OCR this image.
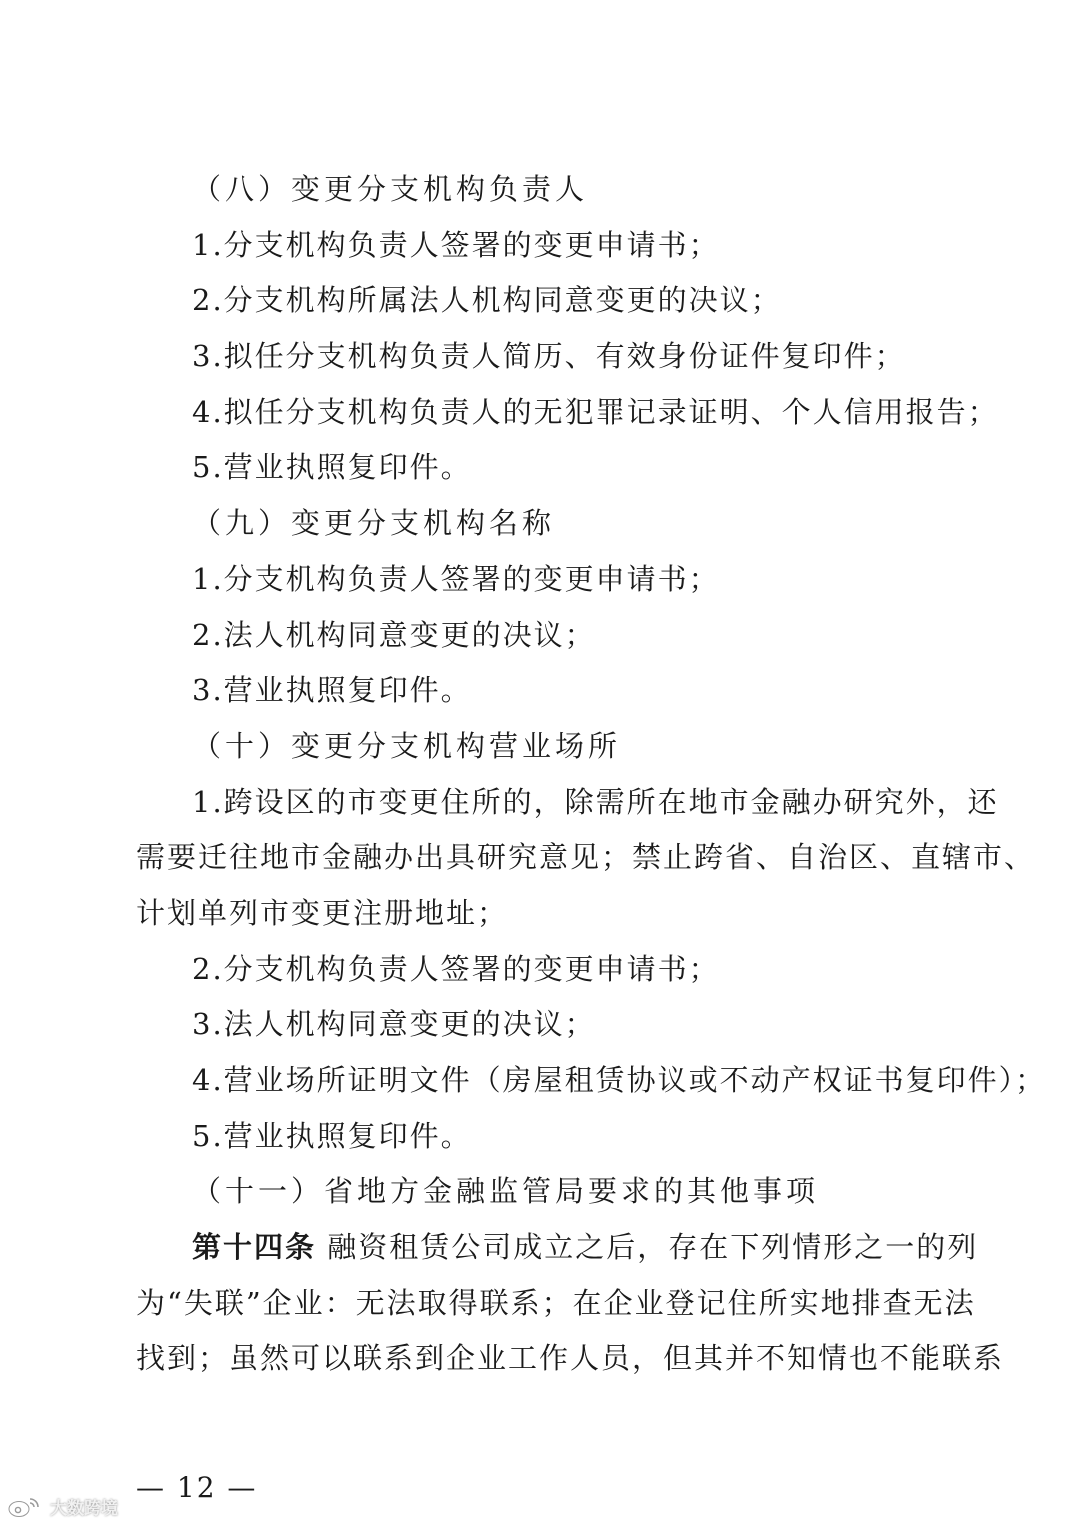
（八）变更分支机构负责人
1.分支机构负责人签署的变更申请书；
2.分支机构所属法人机构同意变更的决议；
3.拟任分支机构负责人简历、有效身份证件复印件；
4.拟任分支机构负责人的无犯罪记录证明、个人信用报告；
5.营业执照复印件。
（九）变更分支机构名称
1.分支机构负责人签署的变更申请书；
2.法人机构同意变更的决议；
3.营业执照复印件。
（十）变更分支机构营业场所
1.跨设区的市变更住所的，除需所在地市金融办研究外，还
需要迁往地市金融办出具研究意见；禁止跨省、自治区、直辖市、
计划单列市变更注册地址；
2.分支机构负责人签署的变更申请书；
3.法人机构同意变更的决议；
4.营业场所证明文件（房屋租赁协议或不动产权证书复印件）；
5.营业执照复印件。
（十一）省地方金融监管局要求的其他事项
第十四条 融资租赁公司成立之后，存在下列情形之一的列
为“失联”企业：无法取得联系；在企业登记住所实地排查无法
找到；虽然可以联系到企业工作人员，但其并不知情也不能联系
— 12 —
大数跨境
